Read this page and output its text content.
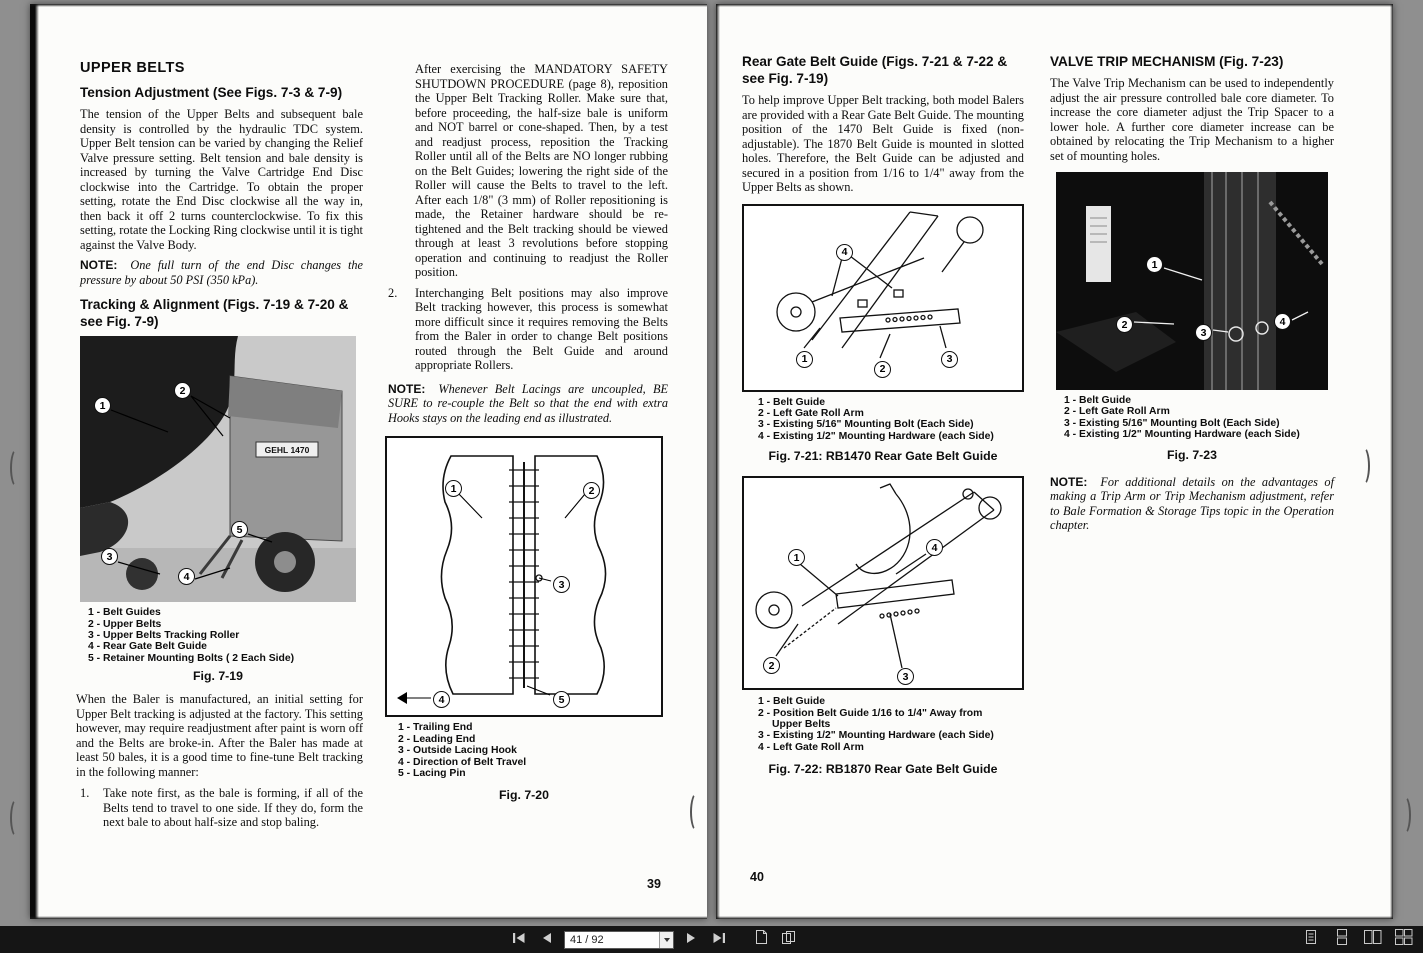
UPPER BELTS
Tension Adjustment (See Figs. 7-3 & 7-9)
The tension of the Upper Belts and subsequent bale density is controlled by the hydraulic TDC system. Upper Belt tension can be varied by changing the Relief Valve pressure setting. Belt tension and bale density is increased by turning the Valve Cartridge End Disc clockwise into the Cartridge. To obtain the proper setting, rotate the End Disc clockwise all the way in, then back it off 2 turns counterclockwise. To fix this setting, rotate the Locking Ring clockwise until it is tight against the Valve Body.
NOTE: One full turn of the end Disc changes the pressure by about 50 PSI (350 kPa).
Tracking & Alignment (Figs. 7-19 & 7-20 & see Fig. 7-9)
GEHL 1470
1
2
3
4
5
1 - Belt Guides
2 - Upper Belts
3 - Upper Belts Tracking Roller
4 - Rear Gate Belt Guide
5 - Retainer Mounting Bolts ( 2 Each Side)
Fig. 7-19
When the Baler is manufactured, an initial setting for Upper Belt tracking is adjusted at the factory. This setting however, may require readjustment after paint is worn off and the Belts are broke-in. After the Baler has made at least 50 bales, it is a good time to fine-tune Belt tracking in the following manner:
1.	Take note first, as the bale is forming, if all of the Belts tend to travel to one side. If they do, form the next bale to about half-size and stop baling.
After exercising the MANDATORY SAFETY SHUTDOWN PROCEDURE (page 8), reposition the Upper Belt Tracking Roller. Make sure that, before proceeding, the half-size bale is uniform and NOT barrel or cone-shaped. Then, by a test and readjust process, reposition the Tracking Roller until all of the Belts are NO longer rubbing on the Belt Guides; lowering the right side of the Roller will cause the Belts to travel to the left. After each 1/8" (3 mm) of Roller repositioning is made, the Retainer hardware should be re-tightened and the Belt tracking should be viewed through at least 3 revolutions before stopping operation and continuing to readjust the Roller position.
2.	Interchanging Belt positions may also improve Belt tracking however, this process is somewhat more difficult since it requires removing the Belts from the Baler in order to change Belt positions routed through the Belt Guide and around appropriate Rollers.
NOTE: Whenever Belt Lacings are uncoupled, BE SURE to re-couple the Belt so that the end with extra Hooks stays on the leading end as illustrated.
1	2
3
4	5
1 - Trailing End
2 - Leading End
3 - Outside Lacing Hook
4 - Direction of Belt Travel
5 - Lacing Pin
Fig. 7-20
39
Rear Gate Belt Guide (Figs. 7-21 & 7-22 & see Fig. 7-19)
To help improve Upper Belt tracking, both model Balers are provided with a Rear Gate Belt Guide. The mounting position of the 1470 Belt Guide is fixed (non-adjustable). The 1870 Belt Guide is mounted in slotted holes. Therefore, the Belt Guide can be adjusted and secured in a position from 1/16 to 1/4" away from the Upper Belts as shown.
4
1
2
3
1 - Belt Guide
2 - Left Gate Roll Arm
3 - Existing 5/16" Mounting Bolt (Each Side)
4 - Existing 1/2" Mounting Hardware (each Side)
Fig. 7-21: RB1470 Rear Gate Belt Guide
1
4
2
3
1 - Belt Guide
2 - Position Belt Guide 1/16 to 1/4" Away from Upper Belts
3 - Existing 1/2" Mounting Hardware (each Side)
4 - Left Gate Roll Arm
Fig. 7-22: RB1870 Rear Gate Belt Guide
VALVE TRIP MECHANISM (Fig. 7-23)
The Valve Trip Mechanism can be used to independently adjust the air pressure controlled bale core diameter. To increase the core diameter adjust the Trip Spacer to a lower hole. A further core diameter increase can be obtained by relocating the Trip Mechanism to a higher set of mounting holes.
1
2
3
4
1 - Belt Guide
2 - Left Gate Roll Arm
3 - Existing 5/16" Mounting Bolt (Each Side)
4 - Existing 1/2" Mounting Hardware (each Side)
Fig. 7-23
NOTE: For additional details on the advantages of making a Trip Arm or Trip Mechanism adjustment, refer to Bale Formation & Storage Tips topic in the Operation chapter.
40
41 / 92
